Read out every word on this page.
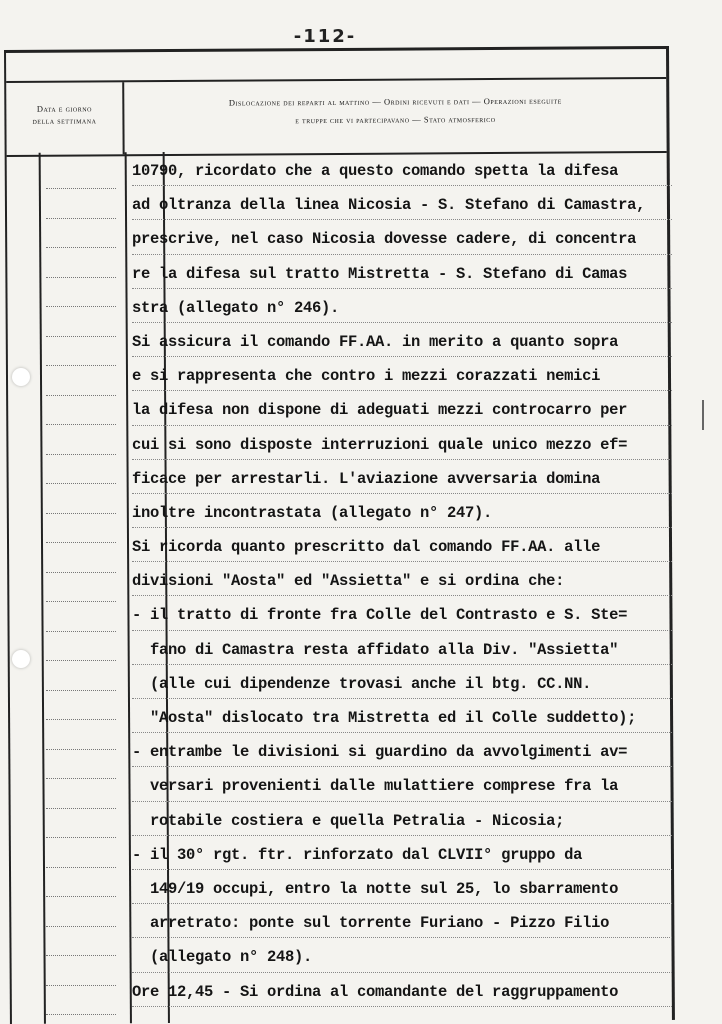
-112-
Data e giorno
della settimana
Dislocazione dei reparti al mattino — Ordini ricevuti e dati — Operazioni eseguite
e truppe che vi partecipavano — Stato atmosferico
10790, ricordato che a questo comando spetta la difesa
ad oltranza della linea Nicosia - S. Stefano di Camastra,
prescrive, nel caso Nicosia dovesse cadere, di concentra
re la difesa sul tratto Mistretta - S. Stefano di Camas
stra (allegato n° 246).
Si assicura il comando FF.AA. in merito a quanto sopra
e si rappresenta che contro i mezzi corazzati nemici
la difesa non dispone di adeguati mezzi controcarro per
cui si sono disposte interruzioni quale unico mezzo ef=
ficace per arrestarli. L'aviazione avversaria domina
inoltre incontrastata (allegato n° 247).
Si ricorda quanto prescritto dal comando FF.AA. alle
divisioni "Aosta" ed "Assietta" e si ordina che:
- il tratto di fronte fra Colle del Contrasto e S. Ste=
fano di Camastra resta affidato alla Div. "Assietta"
(alle cui dipendenze trovasi anche il btg. CC.NN.
"Aosta" dislocato tra Mistretta ed il Colle suddetto);
- entrambe le divisioni si guardino da avvolgimenti av=
versari provenienti dalle mulattiere comprese fra la
rotabile costiera e quella Petralia - Nicosia;
- il 30° rgt. ftr. rinforzato dal CLVII° gruppo da
149/19 occupi, entro la notte sul 25, lo sbarramento
arretrato: ponte sul torrente Furiano - Pizzo Filio
(allegato n° 248).
Ore 12,45 - Si ordina al comandante del raggruppamento
